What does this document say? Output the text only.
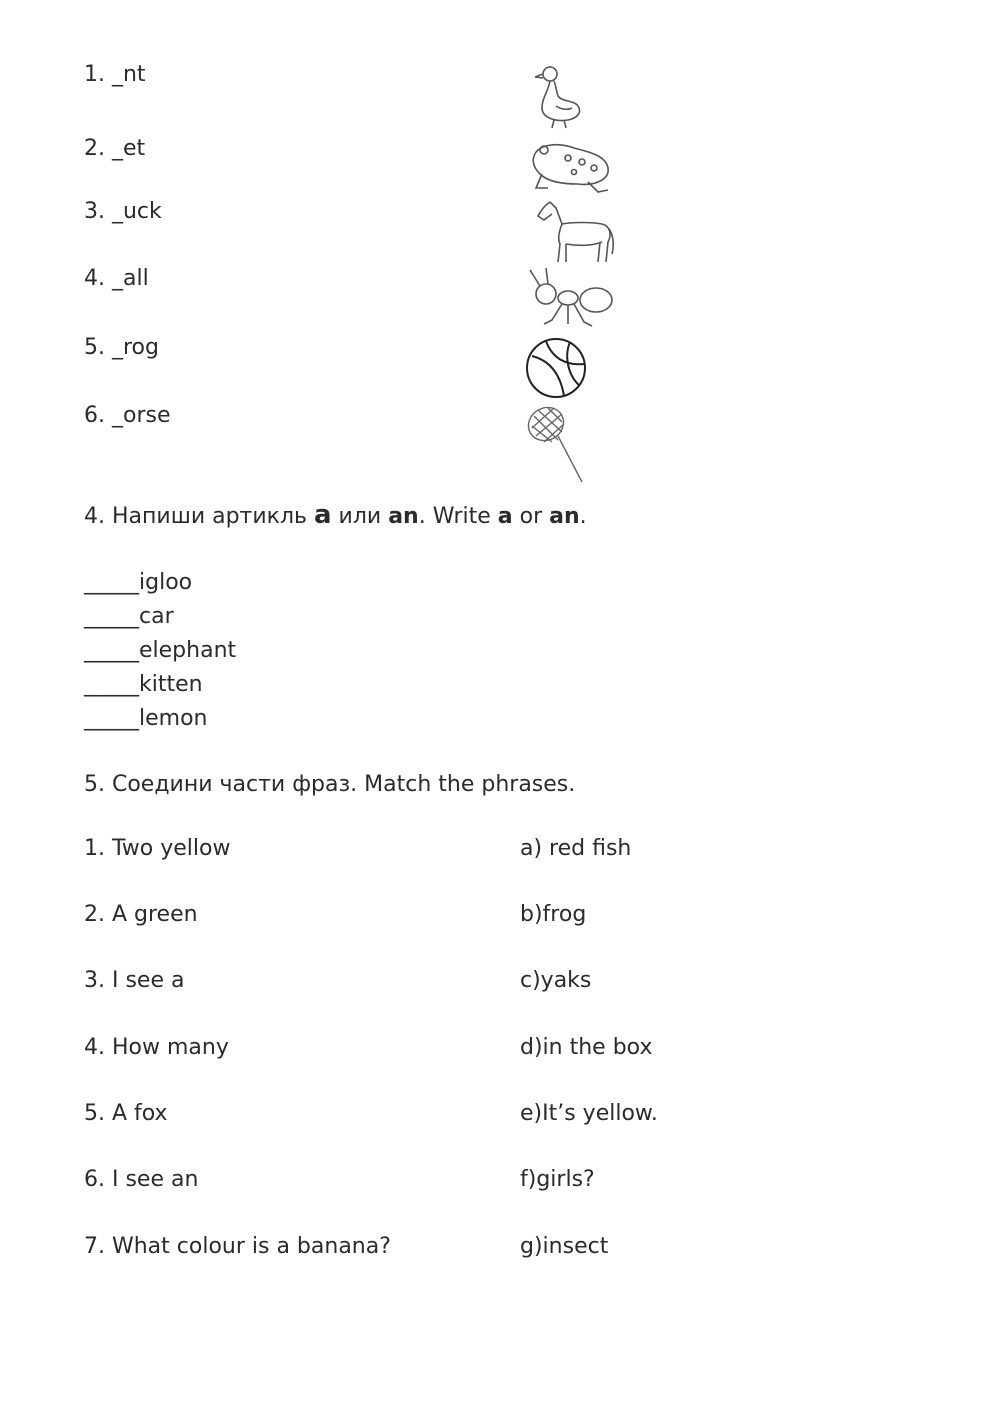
1. _nt
2. _et
3. _uck
4. _all
5. _rog
6. _orse
4. Напиши артикль a или an. Write a or an.
_____igloo
_____car
_____elephant
_____kitten
_____lemon
5. Соедини части фраз. Match the phrases.
1. Two yellow
2. A green
3. I see a
4. How many
5. A fox
6. I see an
7. What colour is a banana?
a) red fish
b)frog
c)yaks
d)in the box
e)It’s yellow.
f)girls?
g)insect
